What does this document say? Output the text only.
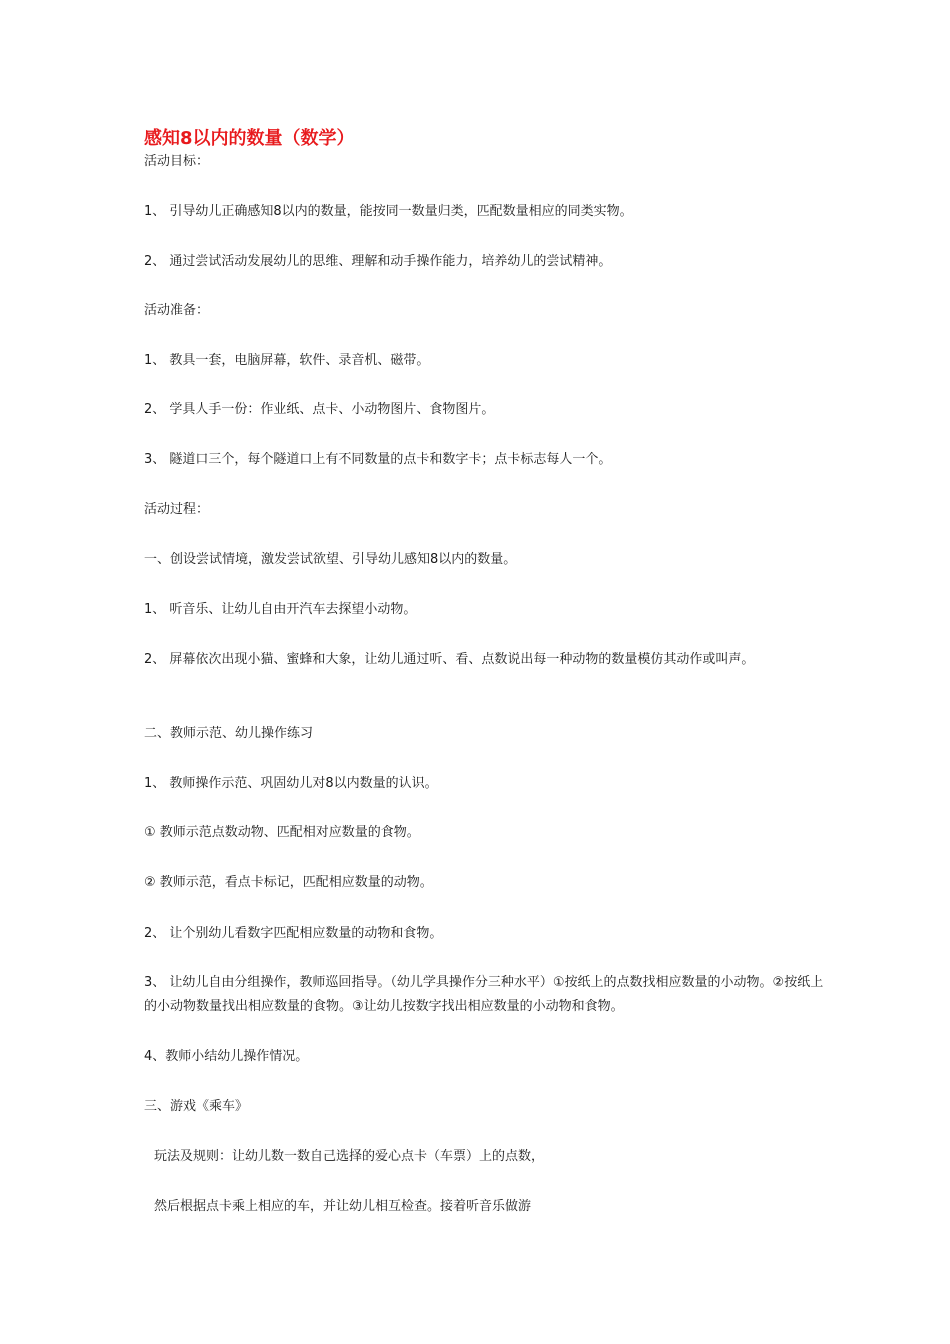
感知8以内的数量（数学）
活动目标：
1、 引导幼儿正确感知8以内的数量，能按同一数量归类，匹配数量相应的同类实物。
2、 通过尝试活动发展幼儿的思维、理解和动手操作能力，培养幼儿的尝试精神。
活动准备：
1、 教具一套，电脑屏幕，软件、录音机、磁带。
2、 学具人手一份：作业纸、点卡、小动物图片、食物图片。
3、 隧道口三个，每个隧道口上有不同数量的点卡和数字卡；点卡标志每人一个。
活动过程：
一、创设尝试情境，激发尝试欲望、引导幼儿感知8以内的数量。
1、 听音乐、让幼儿自由开汽车去探望小动物。
2、 屏幕依次出现小猫、蜜蜂和大象，让幼儿通过听、看、点数说出每一种动物的数量模仿其动作或叫声。
二、教师示范、幼儿操作练习
1、 教师操作示范、巩固幼儿对8以内数量的认识。
① 教师示范点数动物、匹配相对应数量的食物。
② 教师示范，看点卡标记，匹配相应数量的动物。
2、 让个别幼儿看数字匹配相应数量的动物和食物。
3、 让幼儿自由分组操作，教师巡回指导。（幼儿学具操作分三种水平）①按纸上的点数找相应数量的小动物。②按纸上的小动物数量找出相应数量的食物。③让幼儿按数字找出相应数量的小动物和食物。
4、教师小结幼儿操作情况。
三、游戏《乘车》
玩法及规则：让幼儿数一数自己选择的爱心点卡（车票）上的点数，
然后根据点卡乘上相应的车，并让幼儿相互检查。接着听音乐做游
